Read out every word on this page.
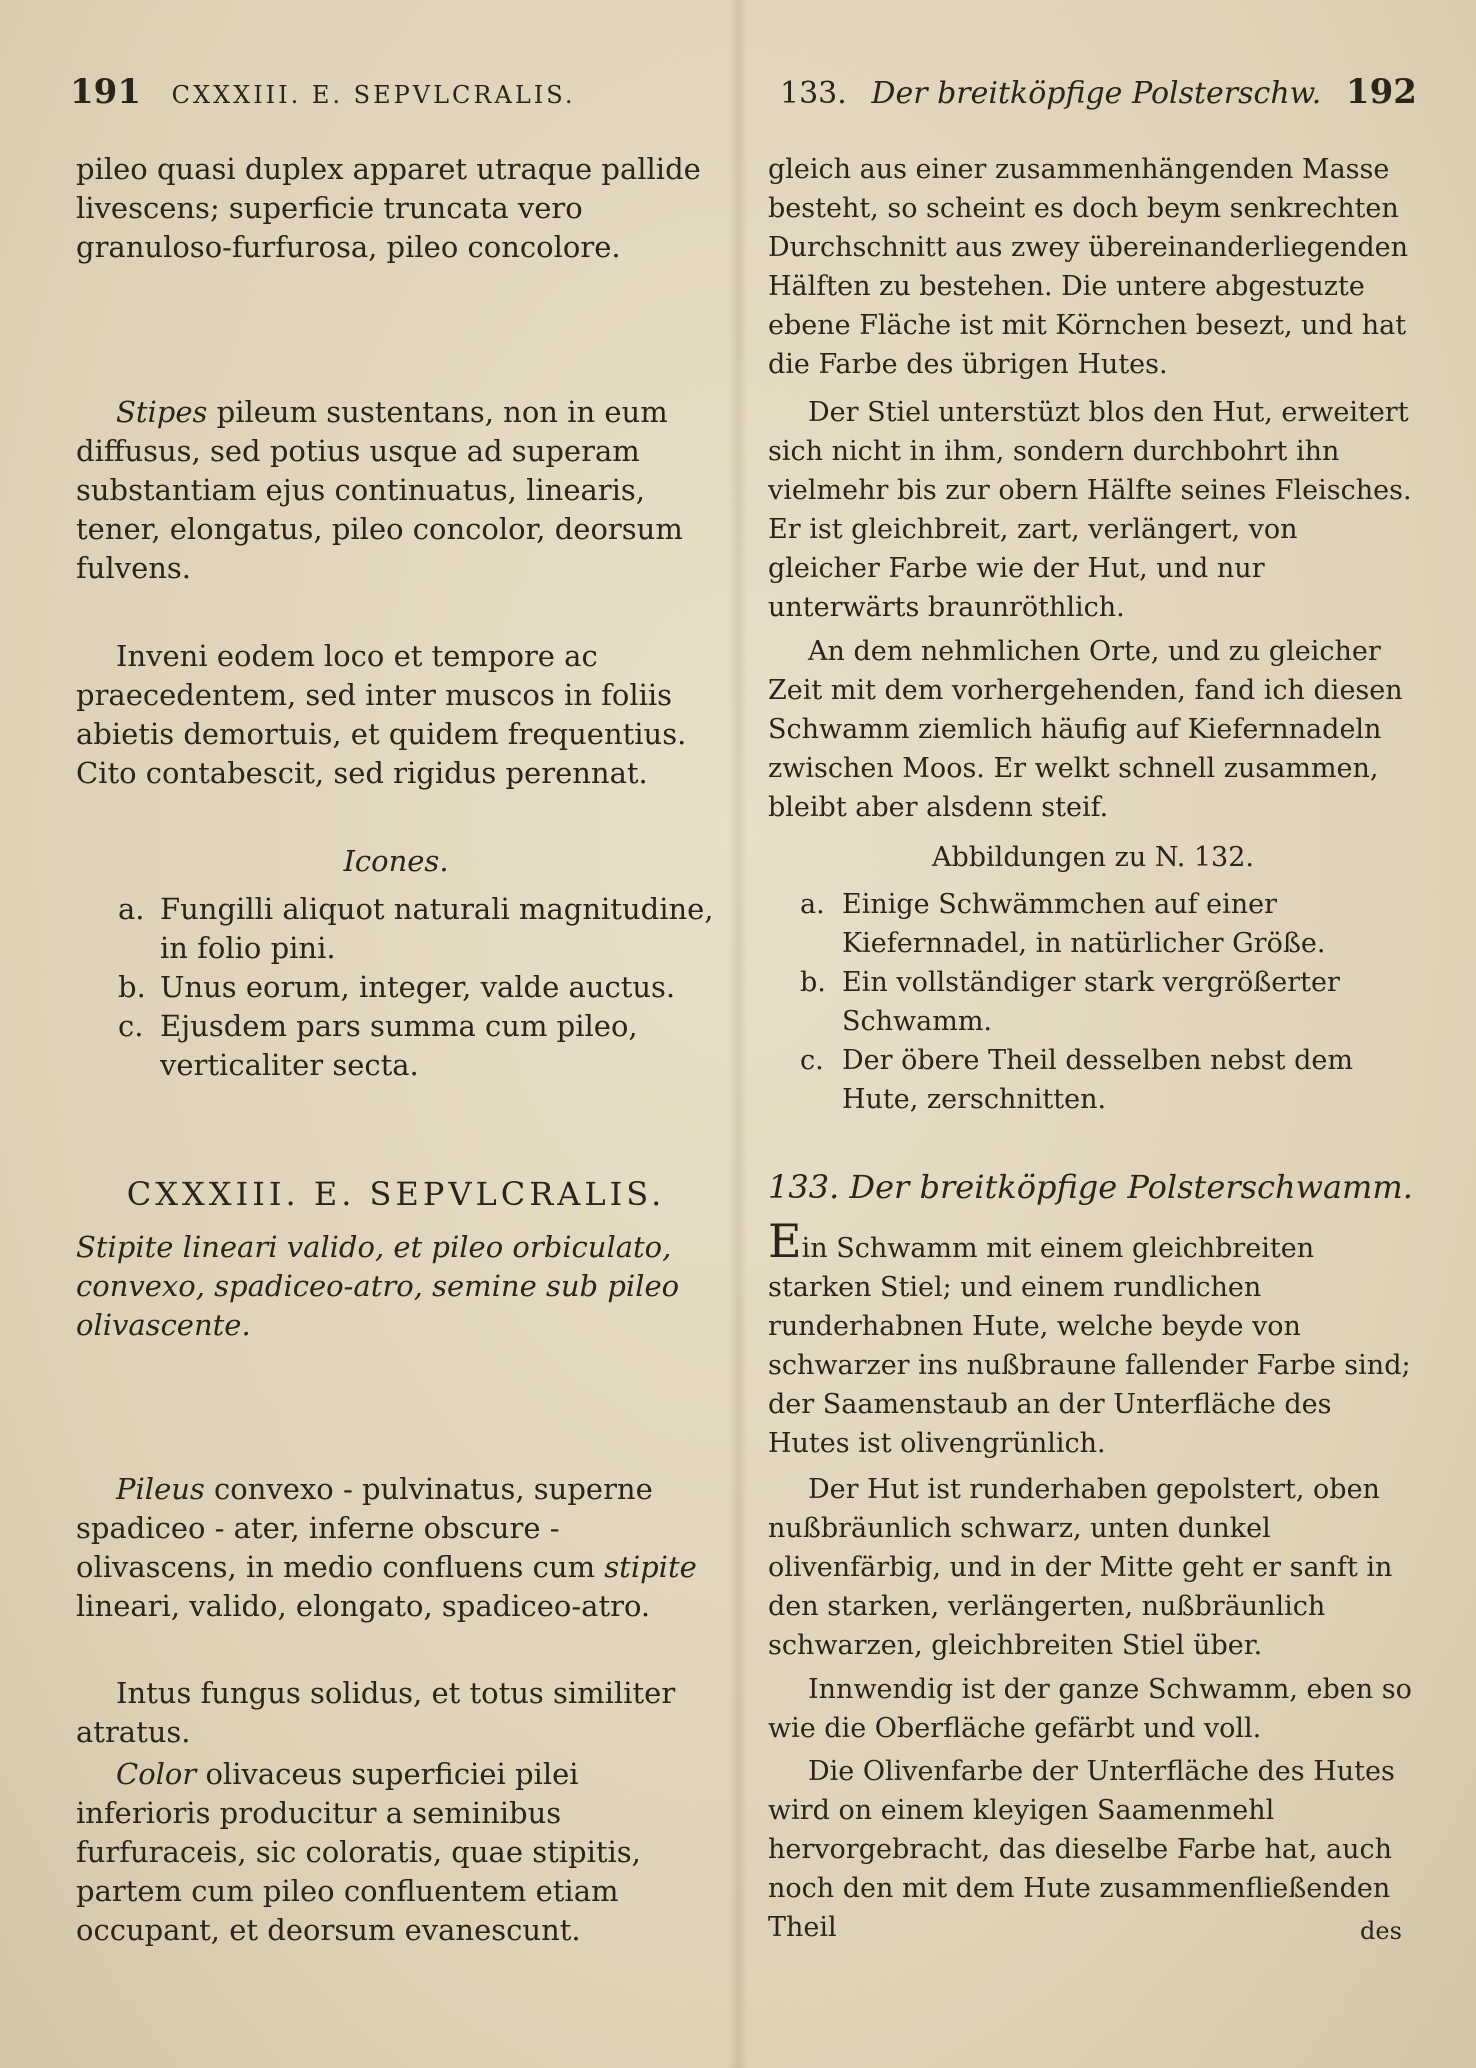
191 CXXXIII. E. SEPVLCRALIS.

pileo quasi duplex apparet utraque pallide livescens; superficie truncata vero granuloso-furfurosa, pileo concolore.

Stipes pileum sustentans, non in eum diffusus, sed potius usque ad superam substantiam ejus continuatus, linearis, tener, elongatus, pileo concolor, deorsum fulvens.

Inveni eodem loco et tempore ac praecedentem, sed inter muscos in foliis abietis demortuis, et quidem frequentius. Cito contabescit, sed rigidus perennat.

Icones.

a. Fungilli aliquot naturali magnitudine, in folio pini.
b. Unus eorum, integer, valde auctus.
c. Ejusdem pars summa cum pileo, verticaliter secta.

CXXXIII. E. SEPVLCRALIS.

Stipite lineari valido, et pileo orbiculato, convexo, spadiceo-atro, semine sub pileo olivascente.

Pileus convexo - pulvinatus, superne spadiceo - ater, inferne obscure - olivascens, in medio confluens cum stipite lineari, valido, elongato, spadiceo-atro.

Intus fungus solidus, et totus similiter atratus.

Color olivaceus superficiei pilei inferioris producitur a seminibus furfuraceis, sic coloratis, quae stipitis, partem cum pileo confluentem etiam occupant, et deorsum evanescunt.

133. Der breitköpfige Polsterschw. 192

gleich aus einer zusammenhängenden Masse besteht, so scheint es doch beym senkrechten Durchschnitt aus zwey übereinanderliegenden Hälften zu bestehen. Die untere abgestuzte ebene Fläche ist mit Körnchen besezt, und hat die Farbe des übrigen Hutes.

Der Stiel unterstüzt blos den Hut, erweitert sich nicht in ihm, sondern durchbohrt ihn vielmehr bis zur obern Hälfte seines Fleisches. Er ist gleichbreit, zart, verlängert, von gleicher Farbe wie der Hut, und nur unterwärts braunröthlich.

An dem nehmlichen Orte, und zu gleicher Zeit mit dem vorhergehenden, fand ich diesen Schwamm ziemlich häufig auf Kiefernnadeln zwischen Moos. Er welkt schnell zusammen, bleibt aber alsdenn steif.

Abbildungen zu N. 132.

a. Einige Schwämmchen auf einer Kiefernnadel, in natürlicher Größe.
b. Ein vollständiger stark vergrößerter Schwamm.
c. Der öbere Theil desselben nebst dem Hute, zerschnitten.

133. Der breitköpfige Polsterschwamm.

Ein Schwamm mit einem gleichbreiten starken Stiel; und einem rundlichen runderhabnen Hute, welche beyde von schwarzer ins nußbraune fallender Farbe sind; der Saamenstaub an der Unterfläche des Hutes ist olivengrünlich.

Der Hut ist runderhaben gepolstert, oben nußbräunlich schwarz, unten dunkel olivenfärbig, und in der Mitte geht er sanft in den starken, verlängerten, nußbräunlich schwarzen, gleichbreiten Stiel über.

Innwendig ist der ganze Schwamm, eben so wie die Oberfläche gefärbt und voll.

Die Olivenfarbe der Unterfläche des Hutes wird on einem kleyigen Saamenmehl hervorgebracht, das dieselbe Farbe hat, auch noch den mit dem Hute zusammenfließenden Theil	des
